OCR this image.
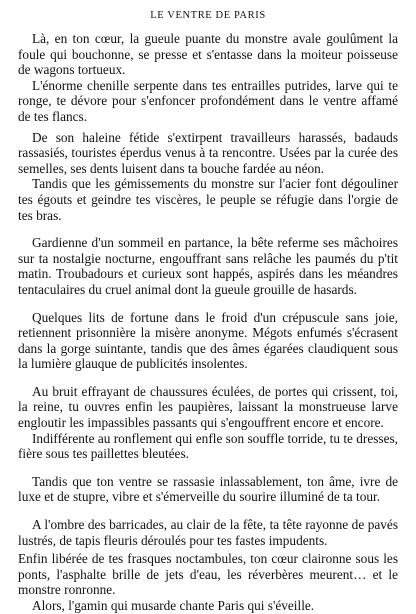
LE VENTRE DE PARIS

Là, en ton cœur, la gueule puante du monstre avale goulûment la foule qui bouchonne, se presse et s'entasse dans la moiteur poisseuse de wagons tortueux.

L'énorme chenille serpente dans tes entrailles putrides, larve qui te ronge, te dévore pour s'enfoncer profondément dans le ventre affamé de tes flancs.

De son haleine fétide s'extirpent travailleurs harassés, badauds rassasiés, touristes éperdus venus à ta rencontre. Usées par la curée des semelles, ses dents luisent dans ta bouche fardée au néon.

Tandis que les gémissements du monstre sur l'acier font dégouliner tes égouts et geindre tes viscères, le peuple se réfugie dans l'orgie de tes bras.

Gardienne d'un sommeil en partance, la bête referme ses mâchoires sur ta nostalgie nocturne, engouffrant sans relâche les paumés du p'tit matin. Troubadours et curieux sont happés, aspirés dans les méandres tentaculaires du cruel animal dont la gueule grouille de hasards.

Quelques lits de fortune dans le froid d'un crépuscule sans joie, retiennent prisonnière la misère anonyme. Mégots enfumés s'écrasent dans la gorge suintante, tandis que des âmes égarées claudiquent sous la lumière glauque de publicités insolentes.

Au bruit effrayant de chaussures éculées, de portes qui crissent, toi, la reine, tu ouvres enfin les paupières, laissant la monstrueuse larve engloutir les impassibles passants qui s'engouffrent encore et encore.

Indifférente au ronflement qui enfle son souffle torride, tu te dresses, fière sous tes paillettes bleutées.

Tandis que ton ventre se rassasie inlassablement, ton âme, ivre de luxe et de stupre, vibre et s'émerveille du sourire illuminé de ta tour.

A l'ombre des barricades, au clair de la fête, ta tête rayonne de pavés lustrés, de tapis fleuris déroulés pour tes fastes impudents.

Enfin libérée de tes frasques noctambules, ton cœur claironne sous les ponts, l'asphalte brille de jets d'eau, les réverbères meurent… et le monstre ronronne.

Alors, l'gamin qui musarde chante Paris qui s'éveille.
